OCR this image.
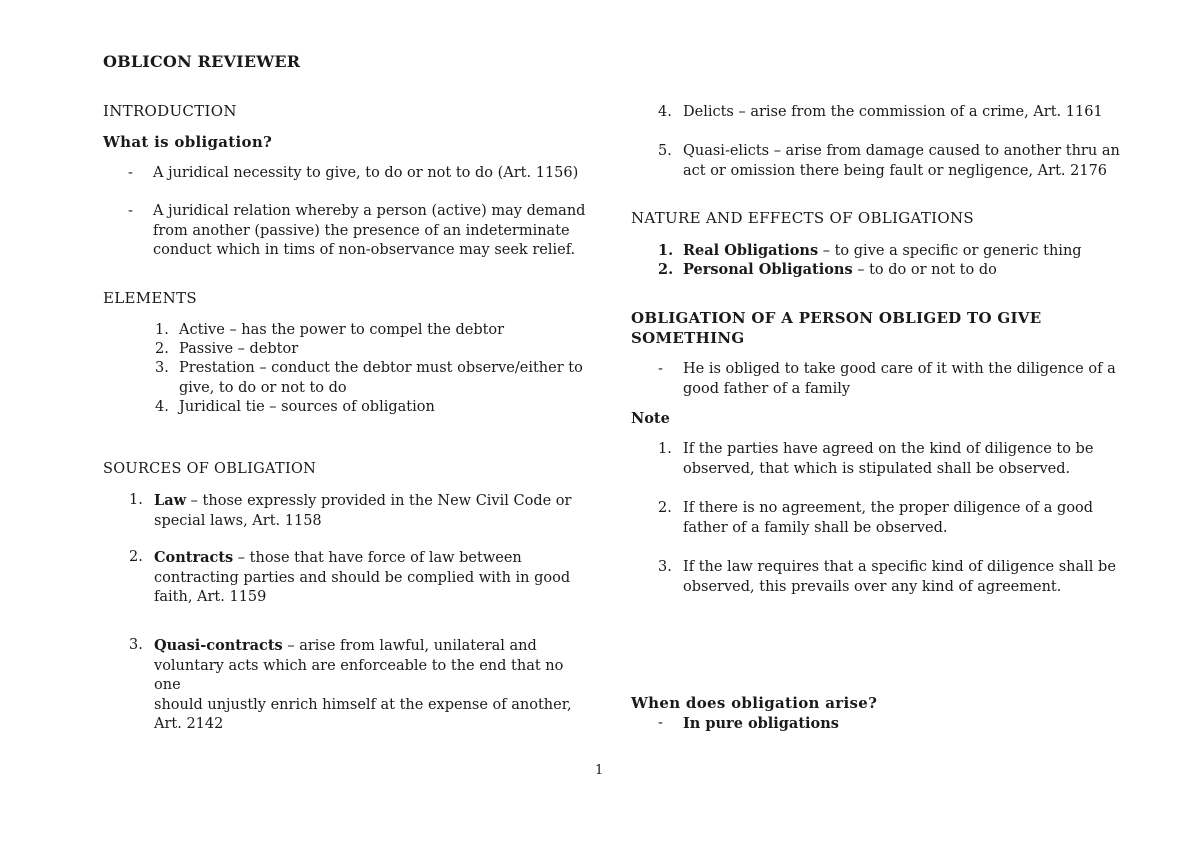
OBLICON REVIEWER
INTRODUCTION
What is obligation?
- A juridical necessity to give, to do or not to do (Art. 1156)
- A juridical relation whereby a person (active) may demand
from another (passive) the presence of an indeterminate
conduct which in tims of non-observance may seek relief.
ELEMENTS
1. Active – has the power to compel the debtor
2. Passive – debtor
3. Prestation – conduct the debtor must observe/either to
give, to do or not to do
4. Juridical tie – sources of obligation
SOURCES OF OBLIGATION
1. Law – those expressly provided in the New Civil Code or
special laws, Art. 1158
2. Contracts – those that have force of law between
contracting parties and should be complied with in good
faith, Art. 1159
3. Quasi-contracts – arise from lawful, unilateral and
voluntary acts which are enforceable to the end that no one
should unjustly enrich himself at the expense of another,
Art. 2142
4. Delicts – arise from the commission of a crime, Art. 1161
5. Quasi-elicts – arise from damage caused to another thru an
act or omission there being fault or negligence, Art. 2176
NATURE AND EFFECTS OF OBLIGATIONS
1. Real Obligations – to give a specific or generic thing
2. Personal Obligations – to do or not to do
OBLIGATION OF A PERSON OBLIGED TO GIVE
SOMETHING
- He is obliged to take good care of it with the diligence of a
good father of a family
Note
1. If the parties have agreed on the kind of diligence to be
observed, that which is stipulated shall be observed.
2. If there is no agreement, the proper diligence of a good
father of a family shall be observed.
3. If the law requires that a specific kind of diligence shall be
observed, this prevails over any kind of agreement.
When does obligation arise?
- In pure obligations
1
